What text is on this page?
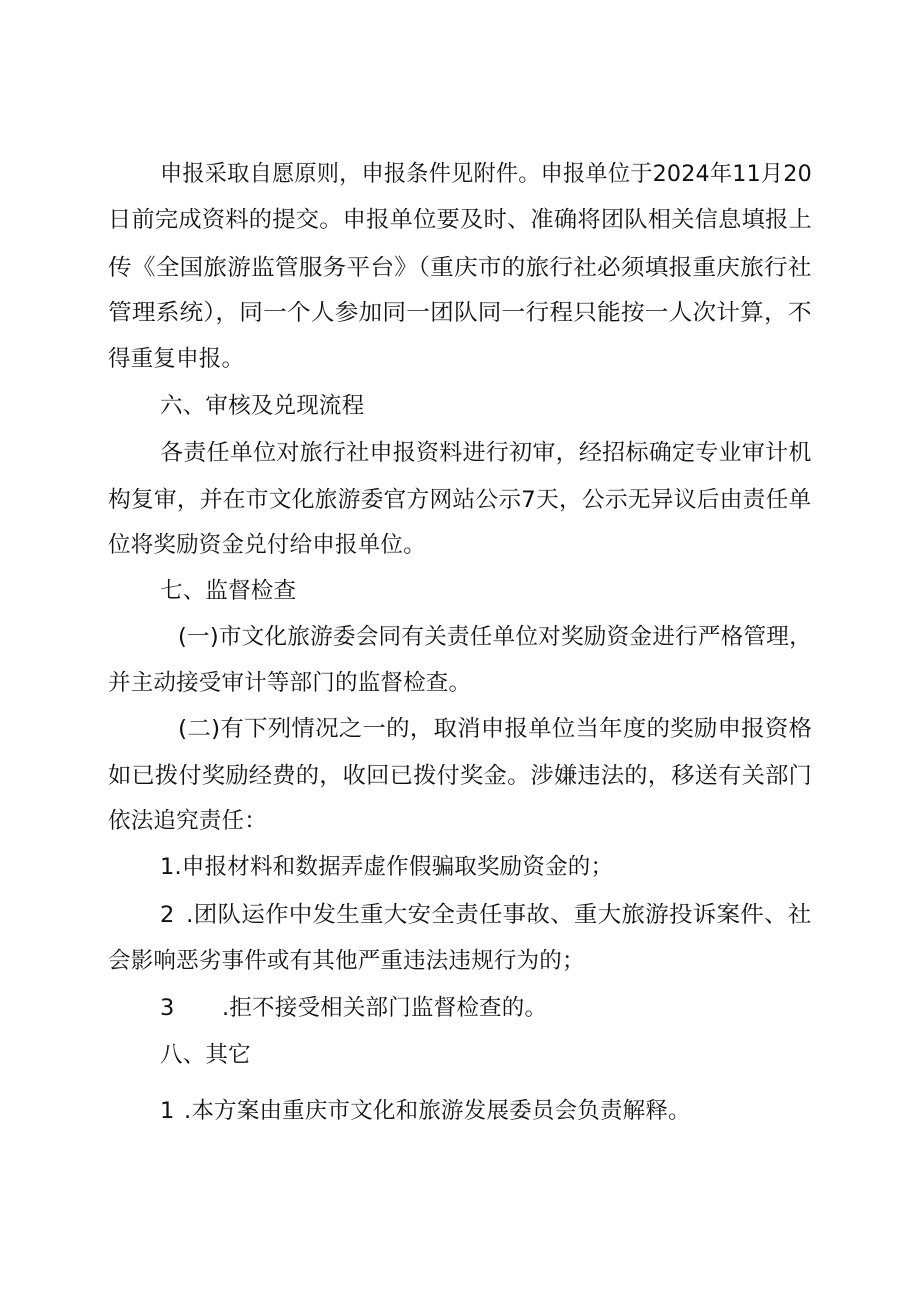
申报采取自愿原则，申报条件见附件。申报单位于2024年11月20
日前完成资料的提交。申报单位要及时、准确将团队相关信息填报上
传《全国旅游监管服务平台》（重庆市的旅行社必须填报重庆旅行社
管理系统），同一个人参加同一团队同一行程只能按一人次计算，不
得重复申报。
六、审核及兑现流程
各责任单位对旅行社申报资料进行初审，经招标确定专业审计机
构复审，并在市文化旅游委官方网站公示7天，公示无异议后由责任单
位将奖励资金兑付给申报单位。
七、监督检查
(一)市文化旅游委会同有关责任单位对奖励资金进行严格管理，
并主动接受审计等部门的监督检查。
(二)有下列情况之一的，取消申报单位当年度的奖励申报资格
如已拨付奖励经费的，收回已拨付奖金。涉嫌违法的，移送有关部门
依法追究责任：
1.申报材料和数据弄虚作假骗取奖励资金的；
2 .团队运作中发生重大安全责任事故、重大旅游投诉案件、社
会影响恶劣事件或有其他严重违法违规行为的；
3 .拒不接受相关部门监督检查的。
八、其它
1 .本方案由重庆市文化和旅游发展委员会负责解释。
